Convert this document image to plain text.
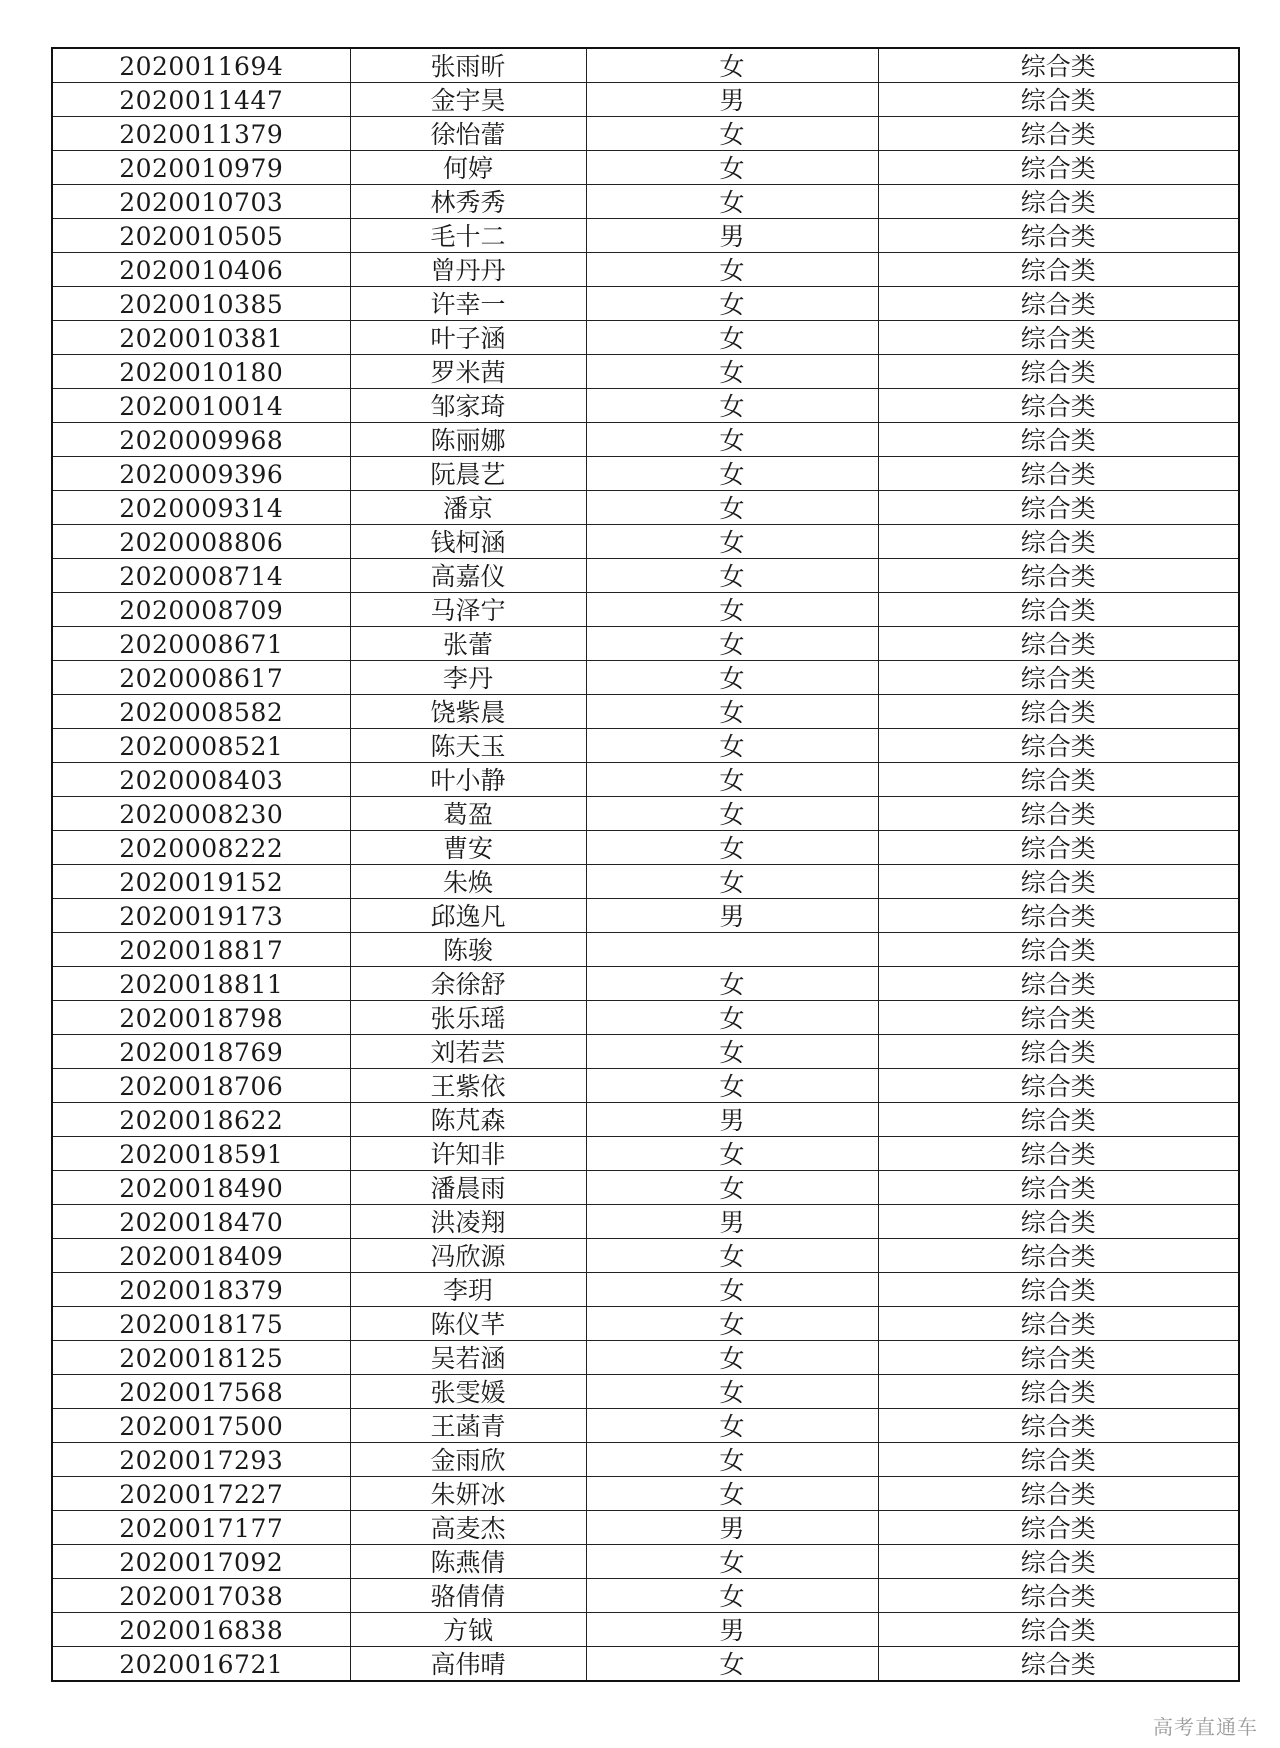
2020011694	张雨昕	女	综合类
2020011447	金宇昊	男	综合类
2020011379	徐怡蕾	女	综合类
2020010979	何婷	女	综合类
2020010703	林秀秀	女	综合类
2020010505	毛十二	男	综合类
2020010406	曾丹丹	女	综合类
2020010385	许幸一	女	综合类
2020010381	叶子涵	女	综合类
2020010180	罗米茜	女	综合类
2020010014	邹家琦	女	综合类
2020009968	陈丽娜	女	综合类
2020009396	阮晨艺	女	综合类
2020009314	潘京	女	综合类
2020008806	钱柯涵	女	综合类
2020008714	高嘉仪	女	综合类
2020008709	马泽宁	女	综合类
2020008671	张蕾	女	综合类
2020008617	李丹	女	综合类
2020008582	饶紫晨	女	综合类
2020008521	陈天玉	女	综合类
2020008403	叶小静	女	综合类
2020008230	葛盈	女	综合类
2020008222	曹安	女	综合类
2020019152	朱焕	女	综合类
2020019173	邱逸凡	男	综合类
2020018817	陈骏		综合类
2020018811	余徐舒	女	综合类
2020018798	张乐瑶	女	综合类
2020018769	刘若芸	女	综合类
2020018706	王紫依	女	综合类
2020018622	陈芃森	男	综合类
2020018591	许知非	女	综合类
2020018490	潘晨雨	女	综合类
2020018470	洪凌翔	男	综合类
2020018409	冯欣源	女	综合类
2020018379	李玥	女	综合类
2020018175	陈仪芊	女	综合类
2020018125	吴若涵	女	综合类
2020017568	张雯媛	女	综合类
2020017500	王菡青	女	综合类
2020017293	金雨欣	女	综合类
2020017227	朱妍冰	女	综合类
2020017177	高麦杰	男	综合类
2020017092	陈燕倩	女	综合类
2020017038	骆倩倩	女	综合类
2020016838	方钺	男	综合类
2020016721	高伟晴	女	综合类
高考直通车
